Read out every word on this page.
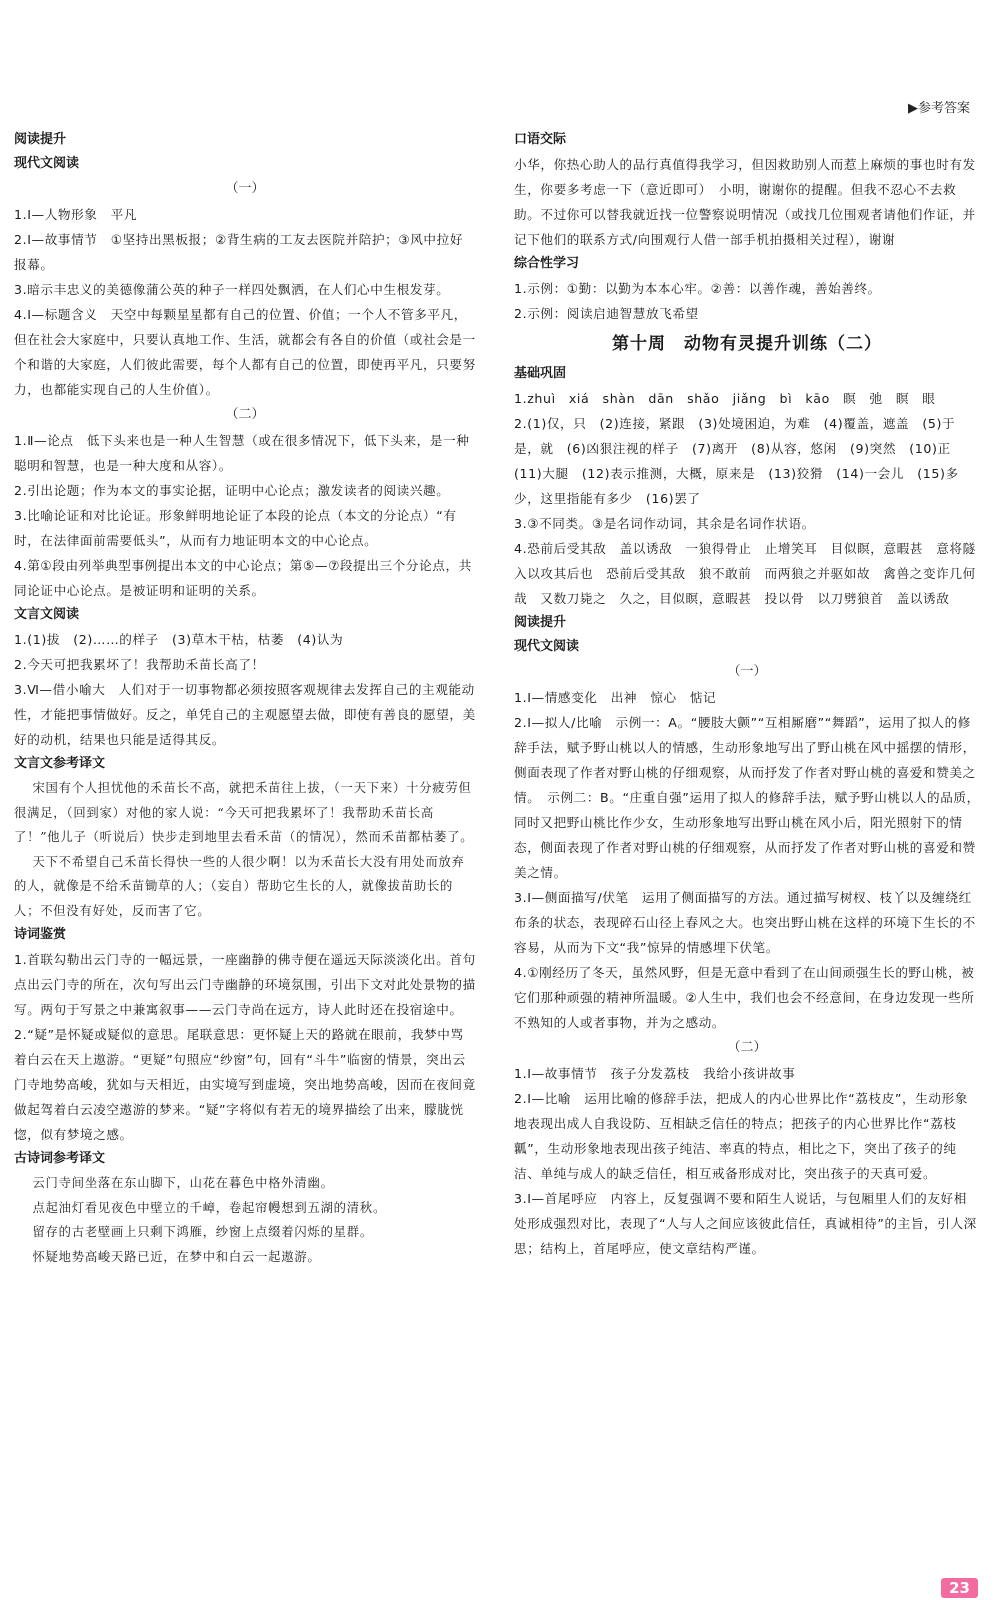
▶参考答案
阅读提升
现代文阅读
（一）
1.Ⅰ—人物形象　平凡
2.Ⅰ—故事情节　①坚持出黑板报；②背生病的工友去医院并陪护；③风中拉好报幕。
3.暗示丰忠义的美德像蒲公英的种子一样四处飘洒，在人们心中生根发芽。
4.Ⅰ—标题含义　天空中每颗星星都有自己的位置、价值；一个人不管多平凡，但在社会大家庭中，只要认真地工作、生活，就都会有各自的价值（或社会是一个和谐的大家庭，人们彼此需要，每个人都有自己的位置，即使再平凡，只要努力，也都能实现自己的人生价值）。
（二）
1.Ⅱ—论点　低下头来也是一种人生智慧（或在很多情况下，低下头来，是一种聪明和智慧，也是一种大度和从容）。
2.引出论题；作为本文的事实论据，证明中心论点；激发读者的阅读兴趣。
3.比喻论证和对比论证。形象鲜明地论证了本段的论点（本文的分论点）“有时，在法律面前需要低头”，从而有力地证明本文的中心论点。
4.第①段由列举典型事例提出本文的中心论点；第⑤—⑦段提出三个分论点，共同论证中心论点。是被证明和证明的关系。
文言文阅读
1.(1)拔　(2)……的样子　(3)草木干枯，枯萎　(4)认为
2.今天可把我累坏了！我帮助禾苗长高了！
3.Ⅵ—借小喻大　人们对于一切事物都必须按照客观规律去发挥自己的主观能动性，才能把事情做好。反之，单凭自己的主观愿望去做，即使有善良的愿望，美好的动机，结果也只能是适得其反。
文言文参考译文
宋国有个人担忧他的禾苗长不高，就把禾苗往上拔，（一天下来）十分疲劳但很满足，（回到家）对他的家人说：“今天可把我累坏了！我帮助禾苗长高了！”他儿子（听说后）快步走到地里去看禾苗（的情况），然而禾苗都枯萎了。
天下不希望自己禾苗长得快一些的人很少啊！以为禾苗长大没有用处而放弃的人，就像是不给禾苗锄草的人；（妄自）帮助它生长的人，就像拔苗助长的人；不但没有好处，反而害了它。
诗词鉴赏
1.首联勾勒出云门寺的一幅远景，一座幽静的佛寺便在遥远天际淡淡化出。首句点出云门寺的所在，次句写出云门寺幽静的环境氛围，引出下文对此处景物的描写。两句于写景之中兼寓叙事——云门寺尚在远方，诗人此时还在投宿途中。
2.“疑”是怀疑或疑似的意思。尾联意思：更怀疑上天的路就在眼前，我梦中骂着白云在天上遨游。“更疑”句照应“纱窗”句，回有“斗牛”临窗的情景，突出云门寺地势高峻，犹如与天相近，由实境写到虚境，突出地势高峻，因而在夜间竟做起驾着白云凌空遨游的梦来。“疑”字将似有若无的境界描绘了出来，朦胧恍惚，似有梦境之感。
古诗词参考译文
云门寺间坐落在东山脚下，山花在暮色中格外清幽。
点起油灯看见夜色中壁立的千嶂，卷起帘幔想到五湖的清秋。
留存的古老壁画上只剩下鸿雁，纱窗上点缀着闪烁的星群。
怀疑地势高峻天路已近，在梦中和白云一起遨游。
口语交际
小华，你热心助人的品行真值得我学习，但因救助别人而惹上麻烦的事也时有发生，你要多考虑一下（意近即可）　小明，谢谢你的提醒。但我不忍心不去救助。不过你可以替我就近找一位警察说明情况（或找几位围观者请他们作证，并记下他们的联系方式/向围观行人借一部手机拍摄相关过程），谢谢
综合性学习
1.示例：①勤：以勤为本本心牢。②善：以善作魂，善始善终。
2.示例：阅读启迪智慧放飞希望
第十周　动物有灵提升训练（二）
基础巩固
1.zhuì　xiá　shàn　dān　shǎo　jiǎng　bì　kāo　瞑　弛　瞑　眼
2.(1)仅，只　(2)连接，紧跟　(3)处境困迫，为难　(4)覆盖，遮盖　(5)于是，就　(6)凶狠注视的样子　(7)离开　(8)从容，悠闲　(9)突然　(10)正　(11)大腿　(12)表示推测，大概，原来是　(13)狡猾　(14)一会儿　(15)多少，这里指能有多少　(16)罢了
3.③不同类。③是名词作动词，其余是名词作状语。
4.恐前后受其敌　盖以诱敌　一狼得骨止　止增笑耳　目似瞑，意暇甚　意将隧入以攻其后也　恐前后受其敌　狼不敢前　而两狼之并驱如故　禽兽之变诈几何哉　又数刀毙之　久之，目似瞑，意暇甚　投以骨　以刀劈狼首　盖以诱敌
阅读提升
现代文阅读
（一）
1.Ⅰ—情感变化　出神　惊心　惦记
2.Ⅰ—拟人/比喻　示例一：A。“腰肢大颤”“互相厮磨”“舞蹈”，运用了拟人的修辞手法，赋予野山桃以人的情感，生动形象地写出了野山桃在风中摇摆的情形，侧面表现了作者对野山桃的仔细观察，从而抒发了作者对野山桃的喜爱和赞美之情。　示例二：B。“庄重自强”运用了拟人的修辞手法，赋予野山桃以人的品质，同时又把野山桃比作少女，生动形象地写出野山桃在风小后，阳光照射下的情态，侧面表现了作者对野山桃的仔细观察，从而抒发了作者对野山桃的喜爱和赞美之情。
3.Ⅰ—侧面描写/伏笔　运用了侧面描写的方法。通过描写树杈、枝丫以及缠绕红布条的状态，表现碎石山径上春风之大。也突出野山桃在这样的环境下生长的不容易，从而为下文“我”惊异的情感埋下伏笔。
4.①刚经历了冬天，虽然风野，但是无意中看到了在山间顽强生长的野山桃，被它们那种顽强的精神所温暖。②人生中，我们也会不经意间，在身边发现一些所不熟知的人或者事物，并为之感动。
（二）
1.Ⅰ—故事情节　孩子分发荔枝　我给小孩讲故事
2.Ⅰ—比喻　运用比喻的修辞手法，把成人的内心世界比作“荔枝皮”，生动形象地表现出成人自我设防、互相缺乏信任的特点；把孩子的内心世界比作“荔枝瓤”，生动形象地表现出孩子纯洁、率真的特点，相比之下，突出了孩子的纯洁、单纯与成人的缺乏信任，相互戒备形成对比，突出孩子的天真可爱。
3.Ⅰ—首尾呼应　内容上，反复强调不要和陌生人说话，与包厢里人们的友好相处形成强烈对比，表现了“人与人之间应该彼此信任，真诚相待”的主旨，引人深思；结构上，首尾呼应，使文章结构严谨。
23
